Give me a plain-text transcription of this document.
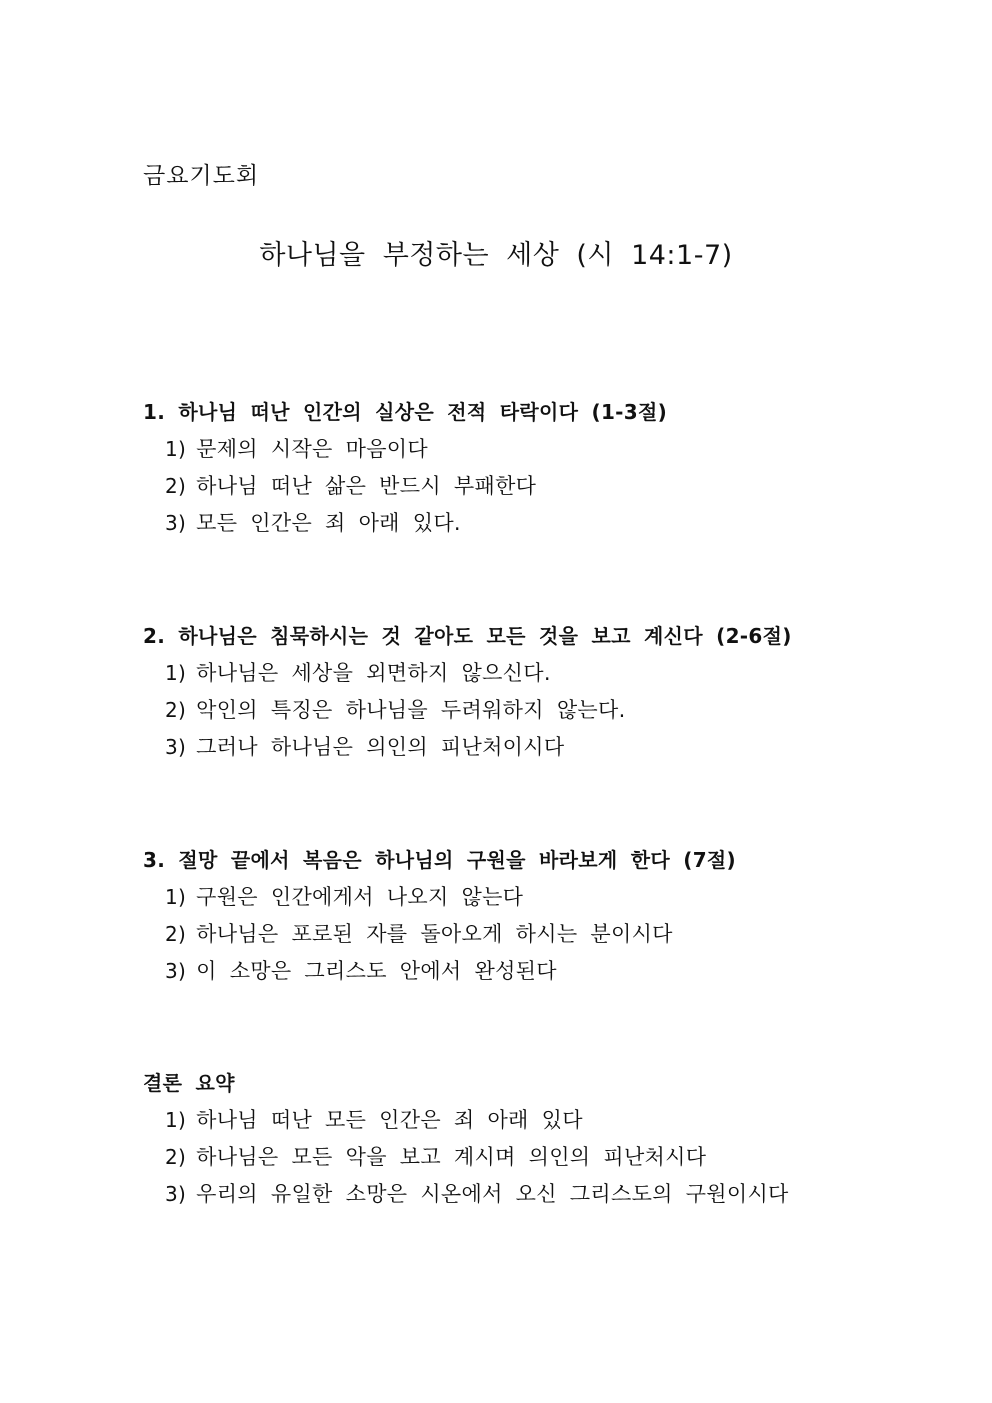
금요기도회
하나님을 부정하는 세상 (시 14:1-7)
1. 하나님 떠난 인간의 실상은 전적 타락이다 (1-3절)
1) 문제의 시작은 마음이다
2) 하나님 떠난 삶은 반드시 부패한다
3) 모든 인간은 죄 아래 있다.
2. 하나님은 침묵하시는 것 같아도 모든 것을 보고 계신다 (2-6절)
1) 하나님은 세상을 외면하지 않으신다.
2) 악인의 특징은 하나님을 두려워하지 않는다.
3) 그러나 하나님은 의인의 피난처이시다
3. 절망 끝에서 복음은 하나님의 구원을 바라보게 한다 (7절)
1) 구원은 인간에게서 나오지 않는다
2) 하나님은 포로된 자를 돌아오게 하시는 분이시다
3) 이 소망은 그리스도 안에서 완성된다
결론 요약
1) 하나님 떠난 모든 인간은 죄 아래 있다
2) 하나님은 모든 악을 보고 계시며 의인의 피난처시다
3) 우리의 유일한 소망은 시온에서 오신 그리스도의 구원이시다
